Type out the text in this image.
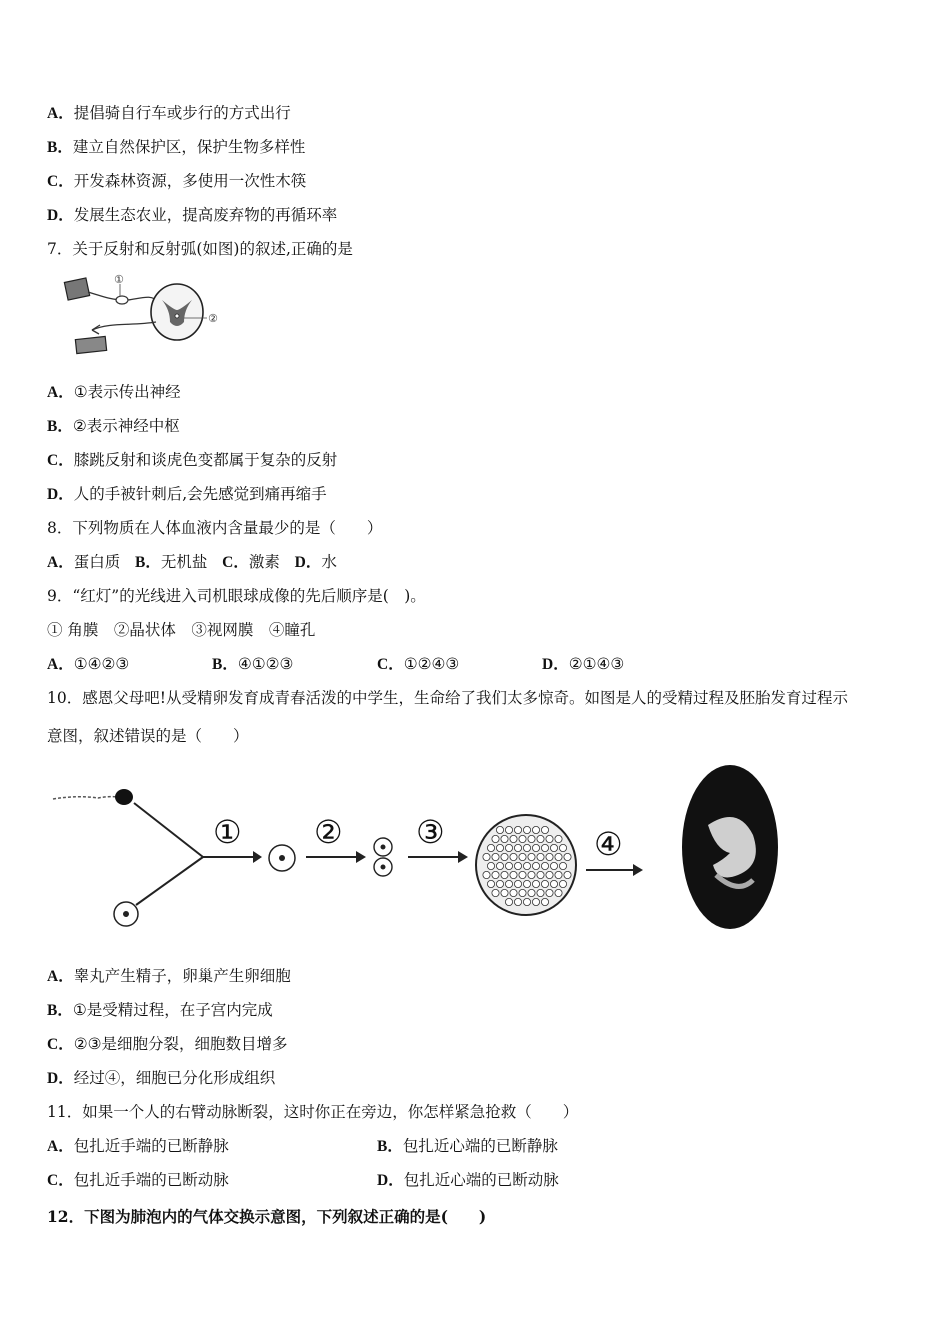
A．提倡骑自行车或步行的方式出行
B．建立自然保护区，保护生物多样性
C．开发森林资源，多使用一次性木筷
D．发展生态农业，提高废弃物的再循环率
7．关于反射和反射弧(如图)的叙述,正确的是
①
②
A．①表示传出神经
B．②表示神经中枢
C．膝跳反射和谈虎色变都属于复杂的反射
D．人的手被针刺后,会先感觉到痛再缩手
8．下列物质在人体血液内含量最少的是（　　）
A．蛋白质 B．无机盐 C．激素 D．水
9．“红灯”的光线进入司机眼球成像的先后顺序是(　)。
① 角膜　②晶状体　③视网膜　④瞳孔
A．①④②③	B．④①②③	C．①②④③	D．②①④③
10．感恩父母吧!从受精卵发育成青春活泼的中学生，生命给了我们太多惊奇。如图是人的受精过程及胚胎发育过程示
意图，叙述错误的是（　　）
① ② ③	④
A．睾丸产生精子，卵巢产生卵细胞
B．①是受精过程，在子宫内完成
C．②③是细胞分裂，细胞数目增多
D．经过④，细胞已分化形成组织
11．如果一个人的右臂动脉断裂，这时你正在旁边，你怎样紧急抢救（　　）
A．包扎近手端的已断静脉	B．包扎近心端的已断静脉
C．包扎近手端的已断动脉	D．包扎近心端的已断动脉
12．下图为肺泡内的气体交换示意图，下列叙述正确的是(　　)
